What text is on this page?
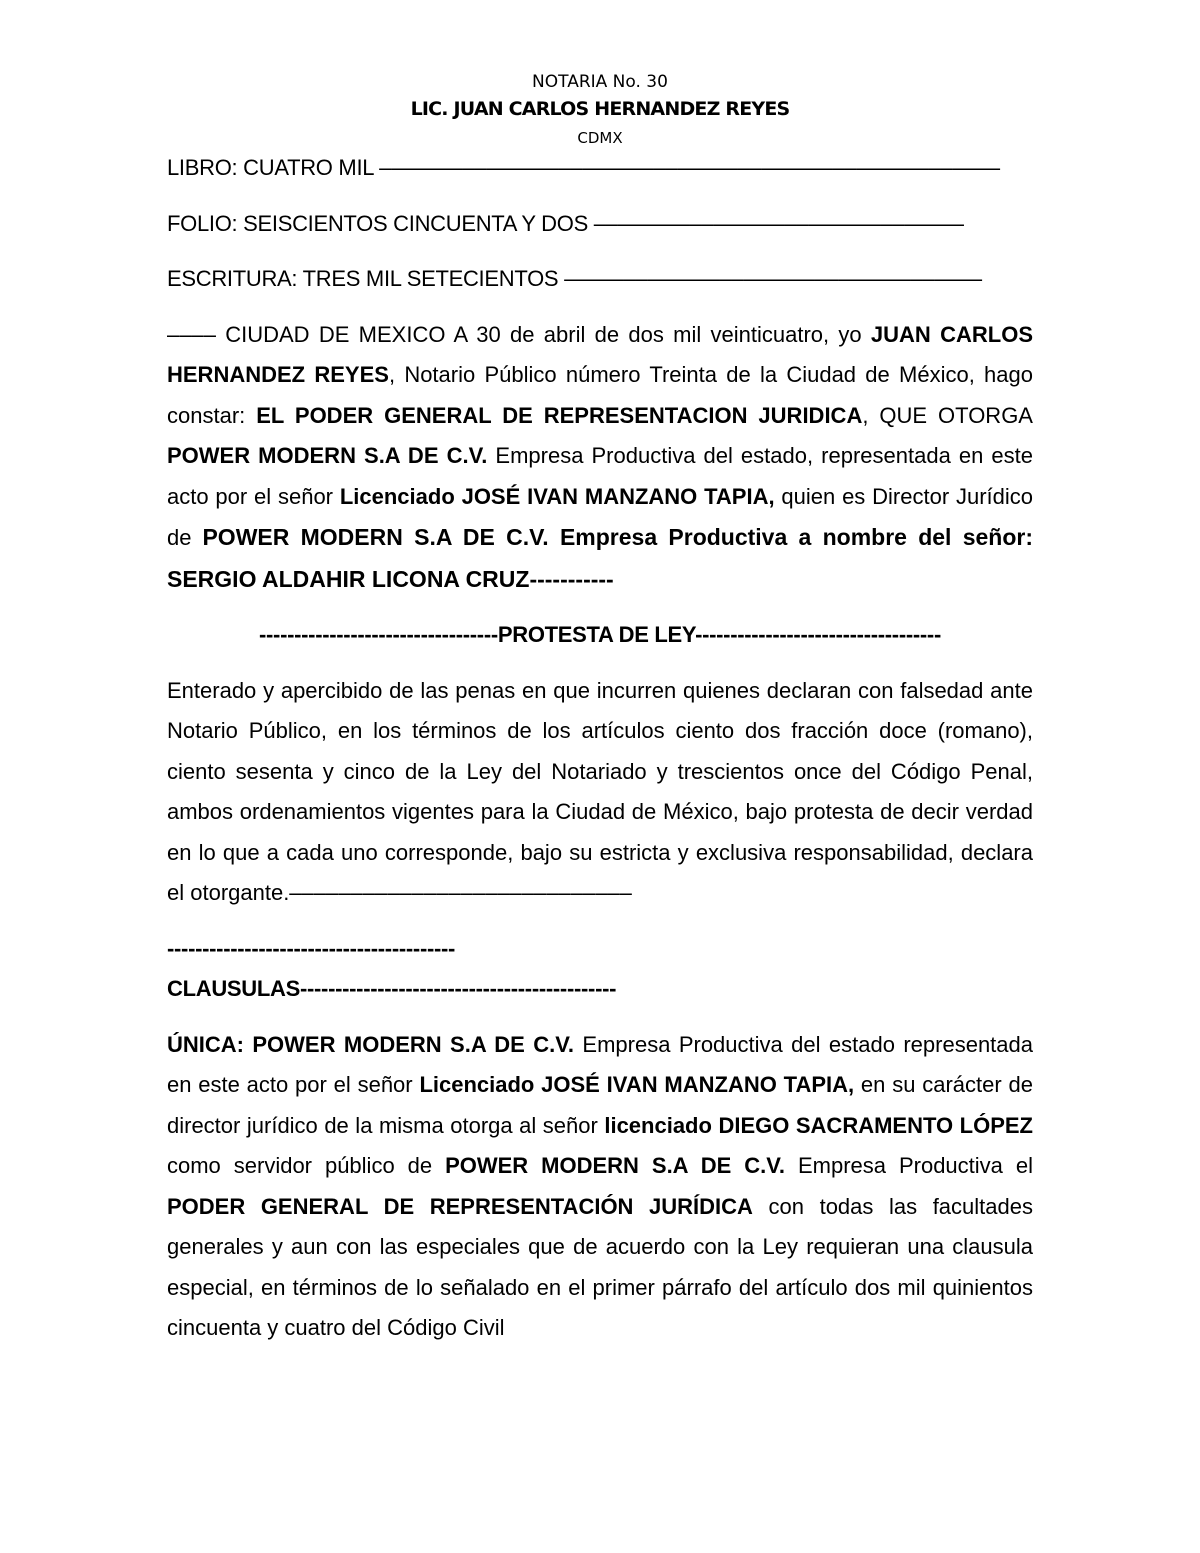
NOTARIA No. 30
LIC. JUAN CARLOS HERNANDEZ REYES
CDMX

LIBRO: CUATRO MIL ––––––––––––––––––––––––––––––––––––––––––––––––––––

FOLIO: SEISCIENTOS CINCUENTA Y DOS –––––––––––––––––––––––––––––––

ESCRITURA: TRES MIL SETECIENTOS –––––––––––––––––––––––––––––––––––

–––– CIUDAD DE MEXICO A 30 de abril de dos mil veinticuatro, yo JUAN CARLOS HERNANDEZ REYES, Notario Público número Treinta de la Ciudad de México, hago constar: EL PODER GENERAL DE REPRESENTACION JURIDICA, QUE OTORGA POWER MODERN S.A DE C.V. Empresa Productiva del estado, representada en este acto por el señor Licenciado JOSÉ IVAN MANZANO TAPIA, quien es Director Jurídico de POWER MODERN S.A DE C.V. Empresa Productiva a nombre del señor: SERGIO ALDAHIR LICONA CRUZ-----------

----------------------------------PROTESTA DE LEY-----------------------------------

Enterado y apercibido de las penas en que incurren quienes declaran con falsedad ante Notario Público, en los términos de los artículos ciento dos fracción doce (romano), ciento sesenta y cinco de la Ley del Notariado y trescientos once del Código Penal, ambos ordenamientos vigentes para la Ciudad de México, bajo protesta de decir verdad en lo que a cada uno corresponde, bajo su estricta y exclusiva responsabilidad, declara el otorgante.––––––––––––––––––––––––––––

-----------------------------------------

CLAUSULAS---------------------------------------------

ÚNICA: POWER MODERN S.A DE C.V. Empresa Productiva del estado representada en este acto por el señor Licenciado JOSÉ IVAN MANZANO TAPIA, en su carácter de director jurídico de la misma otorga al señor licenciado DIEGO SACRAMENTO LÓPEZ como servidor público de POWER MODERN S.A DE C.V. Empresa Productiva el PODER GENERAL DE REPRESENTACIÓN JURÍDICA con todas las facultades generales y aun con las especiales que de acuerdo con la Ley requieran una clausula especial, en términos de lo señalado en el primer párrafo del artículo dos mil quinientos cincuenta y cuatro del Código Civil
